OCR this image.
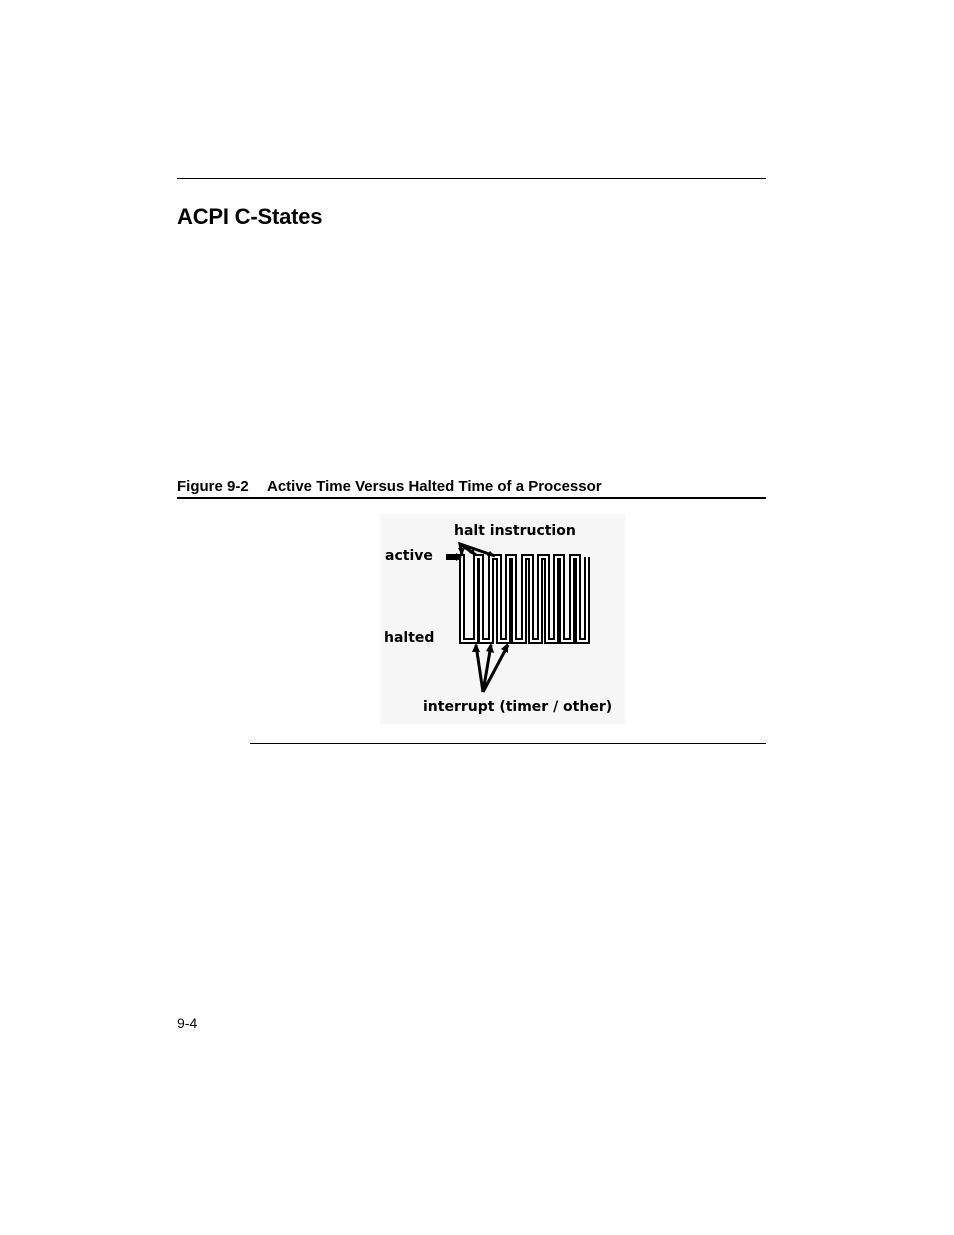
ACPI C-States
Figure 9-2 Active Time Versus Halted Time of a Processor
halt instruction
active
halted
interrupt (timer / other)
9-4
